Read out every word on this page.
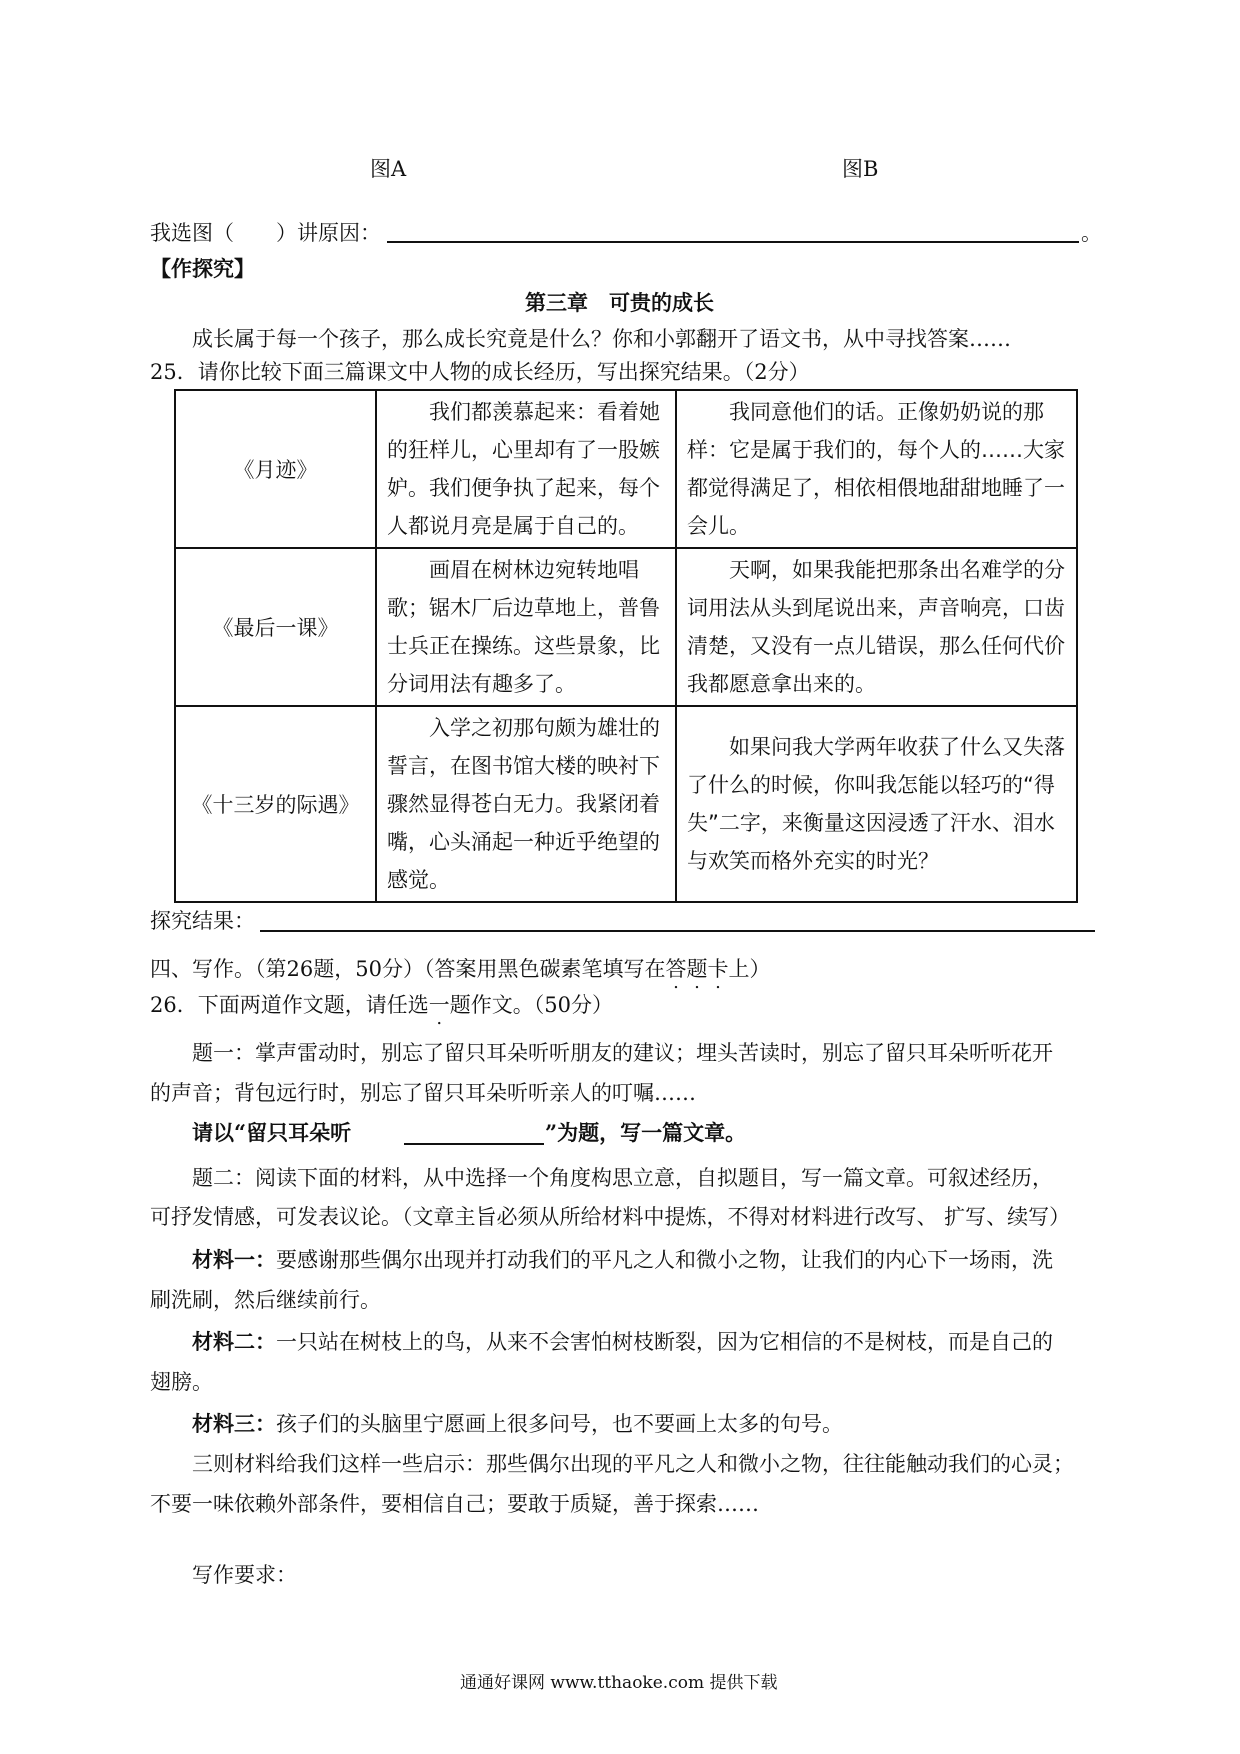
图A	图B
我选图（　　）讲原因：	。
【作探究】
第三章　可贵的成长
成长属于每一个孩子，那么成长究竟是什么？你和小郭翻开了语文书，从中寻找答案……
25．请你比较下面三篇课文中人物的成长经历，写出探究结果。（2分）
《月迹》	我们都羡慕起来：看着她的狂样儿，心里却有了一股嫉妒。我们便争执了起来，每个人都说月亮是属于自己的。	我同意他们的话。正像奶奶说的那样：它是属于我们的，每个人的……大家都觉得满足了，相依相偎地甜甜地睡了一会儿。

《最后一课》	画眉在树林边宛转地唱歌；锯木厂后边草地上，普鲁士兵正在操练。这些景象，比分词用法有趣多了。	天啊，如果我能把那条出名难学的分词用法从头到尾说出来，声音响亮，口齿清楚，又没有一点儿错误，那么任何代价我都愿意拿出来的。

《十三岁的际遇》	入学之初那句颇为雄壮的誓言，在图书馆大楼的映衬下骤然显得苍白无力。我紧闭着嘴，心头涌起一种近乎绝望的感觉。	如果问我大学两年收获了什么又失落了什么的时候，你叫我怎能以轻巧的“得失”二字，来衡量这因浸透了汗水、泪水与欢笑而格外充实的时光？
探究结果：
四、写作。（第26题，50分）（答案用黑色碳素笔填写在答题卡上）
26．下面两道作文题，请任选一题作文。（50分）
题一：掌声雷动时，别忘了留只耳朵听听朋友的建议；埋头苦读时，别忘了留只耳朵听听花开
的声音；背包远行时，别忘了留只耳朵听听亲人的叮嘱……
请以“留只耳朵听	”为题，写一篇文章。
题二：阅读下面的材料，从中选择一个角度构思立意，自拟题目，写一篇文章。可叙述经历，
可抒发情感，可发表议论。（文章主旨必须从所给材料中提炼，不得对材料进行改写、 扩写、续写）
材料一：要感谢那些偶尔出现并打动我们的平凡之人和微小之物，让我们的内心下一场雨，洗
刷洗刷，然后继续前行。
材料二：一只站在树枝上的鸟，从来不会害怕树枝断裂，因为它相信的不是树枝，而是自己的
翅膀。
材料三：孩子们的头脑里宁愿画上很多问号，也不要画上太多的句号。
三则材料给我们这样一些启示：那些偶尔出现的平凡之人和微小之物，往往能触动我们的心灵；
不要一味依赖外部条件，要相信自己；要敢于质疑，善于探索……
写作要求：
通通好课网 www.tthaoke.com 提供下载
